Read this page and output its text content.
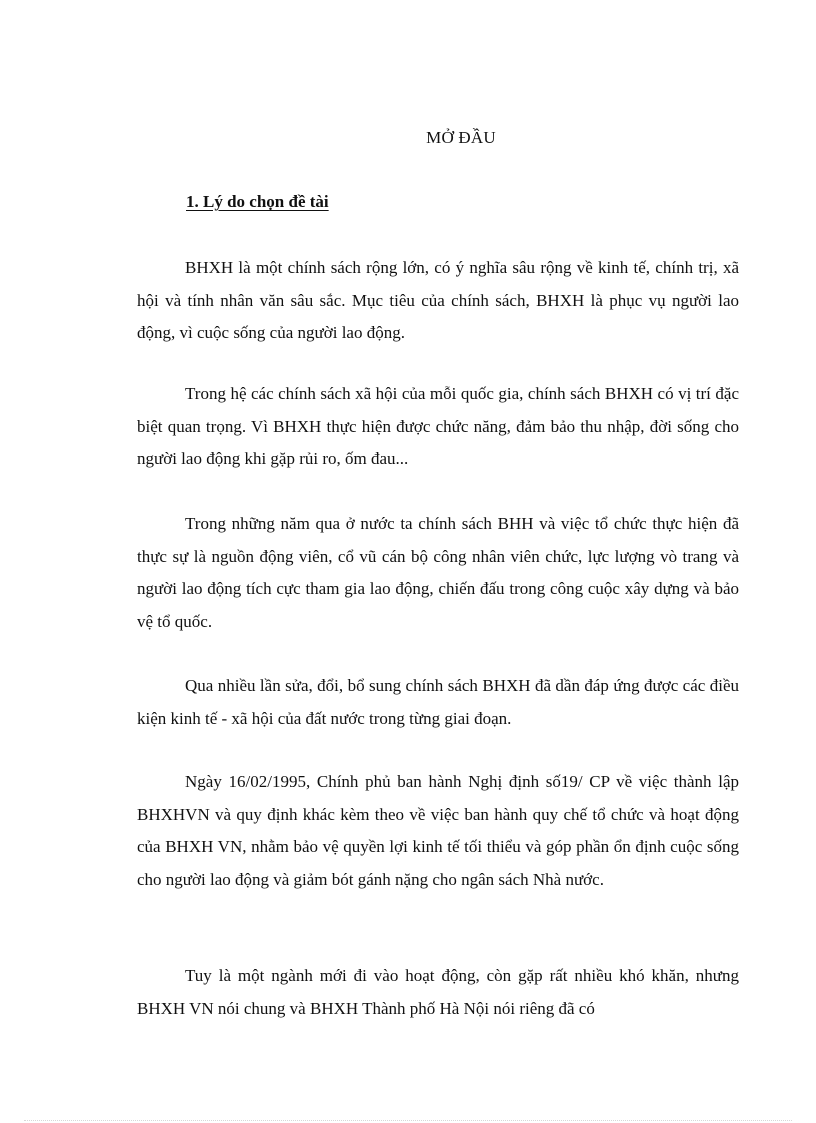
MỞ ĐẦU
1. Lý do chọn đề tài

BHXH là một chính sách rộng lớn, có ý nghĩa sâu rộng về kinh tế, chính trị, xã hội và tính nhân văn sâu sắc. Mục tiêu của chính sách, BHXH là phục vụ người lao động, vì cuộc sống của người lao động.

Trong hệ các chính sách xã hội của mỗi quốc gia, chính sách BHXH có vị trí đặc biệt quan trọng. Vì BHXH thực hiện được chức năng, đảm bảo thu nhập, đời sống cho người lao động khi gặp rủi ro, ốm đau...

Trong những năm qua ở nước ta chính sách BHH và việc tổ chức thực hiện đã thực sự là nguồn động viên, cổ vũ cán bộ công nhân viên chức, lực lượng vò trang và người lao động tích cực tham gia lao động, chiến đấu trong công cuộc xây dựng và bảo vệ tổ quốc.

Qua nhiều lần sửa, đổi, bổ sung chính sách BHXH đã dần đáp ứng được các điều kiện kinh tế - xã hội của đất nước trong từng giai đoạn.

Ngày 16/02/1995, Chính phủ ban hành Nghị định số19/ CP về việc thành lập BHXHVN và quy định khác kèm theo về việc ban hành quy chế tổ chức và hoạt động của BHXH VN, nhằm bảo vệ quyền lợi kinh tế tối thiểu và góp phần ổn định cuộc sống cho người lao động và giảm bót gánh nặng cho ngân sách Nhà nước.

Tuy là một ngành mới đi vào hoạt động, còn gặp rất nhiều khó khăn, nhưng BHXH VN nói chung và BHXH Thành phố Hà Nội nói riêng đã có
